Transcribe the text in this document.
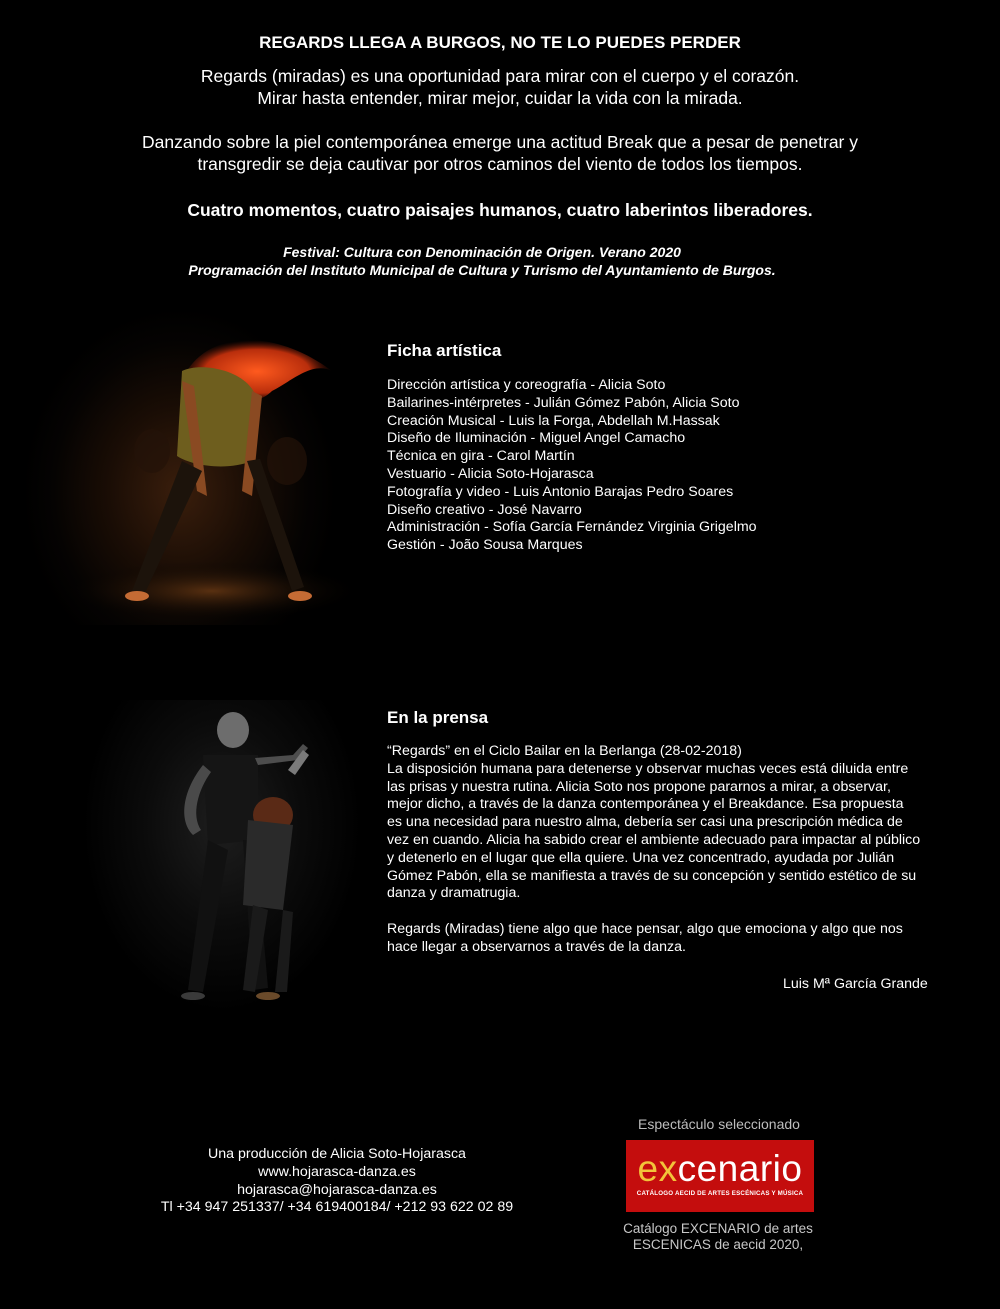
REGARDS LLEGA A BURGOS, NO TE LO PUEDES PERDER
Regards (miradas) es una oportunidad para mirar con el cuerpo y el corazón.
Mirar hasta entender, mirar mejor, cuidar la vida con la mirada.
Danzando sobre la piel contemporánea emerge una actitud Break que a pesar de penetrar y
transgredir se deja cautivar por otros caminos del viento de todos los tiempos.
Cuatro momentos, cuatro paisajes humanos, cuatro laberintos liberadores.
Festival: Cultura con Denominación de Origen. Verano 2020
Programación del Instituto Municipal de Cultura y Turismo del Ayuntamiento de Burgos.
Ficha artística
Dirección artística y coreografía - Alicia Soto
Bailarines-intérpretes - Julián Gómez Pabón, Alicia Soto
Creación Musical - Luis la Forga, Abdellah M.Hassak
Diseño de Iluminación - Miguel Angel Camacho
Técnica en gira - Carol Martín
Vestuario - Alicia Soto-Hojarasca
Fotografía y video - Luis Antonio Barajas Pedro Soares
Diseño creativo - José Navarro
Administración - Sofía García Fernández Virginia Grigelmo
Gestión - João Sousa Marques
En la prensa

“Regards” en el Ciclo Bailar en la Berlanga (28-02-2018)
La disposición humana para detenerse y observar muchas veces está diluida entre
las prisas y nuestra rutina. Alicia Soto nos propone pararnos a mirar, a observar,
mejor dicho, a través de la danza contemporánea y el Breakdance. Esa propuesta
es una necesidad para nuestro alma, debería ser casi una prescripción médica de
vez en cuando. Alicia ha sabido crear el ambiente adecuado para impactar al público
y detenerlo en el lugar que ella quiere. Una vez concentrado, ayudada por Julián
Gómez Pabón, ella se manifiesta a través de su concepción y sentido estético de su
danza y dramatrugia.

Regards (Miradas) tiene algo que hace pensar, algo que emociona y algo que nos
hace llegar a observarnos a través de la danza.

Luis Mª García Grande
Una producción de Alicia Soto-Hojarasca
www.hojarasca-danza.es
hojarasca@hojarasca-danza.es
Tl +34 947 251337/ +34 619400184/ +212 93 622 02 89
Espectáculo seleccionado
excenario
CATÁLOGO AECID DE ARTES ESCÉNICAS Y MÚSICA
Catálogo EXCENARIO de artes
ESCENICAS de aecid 2020,
